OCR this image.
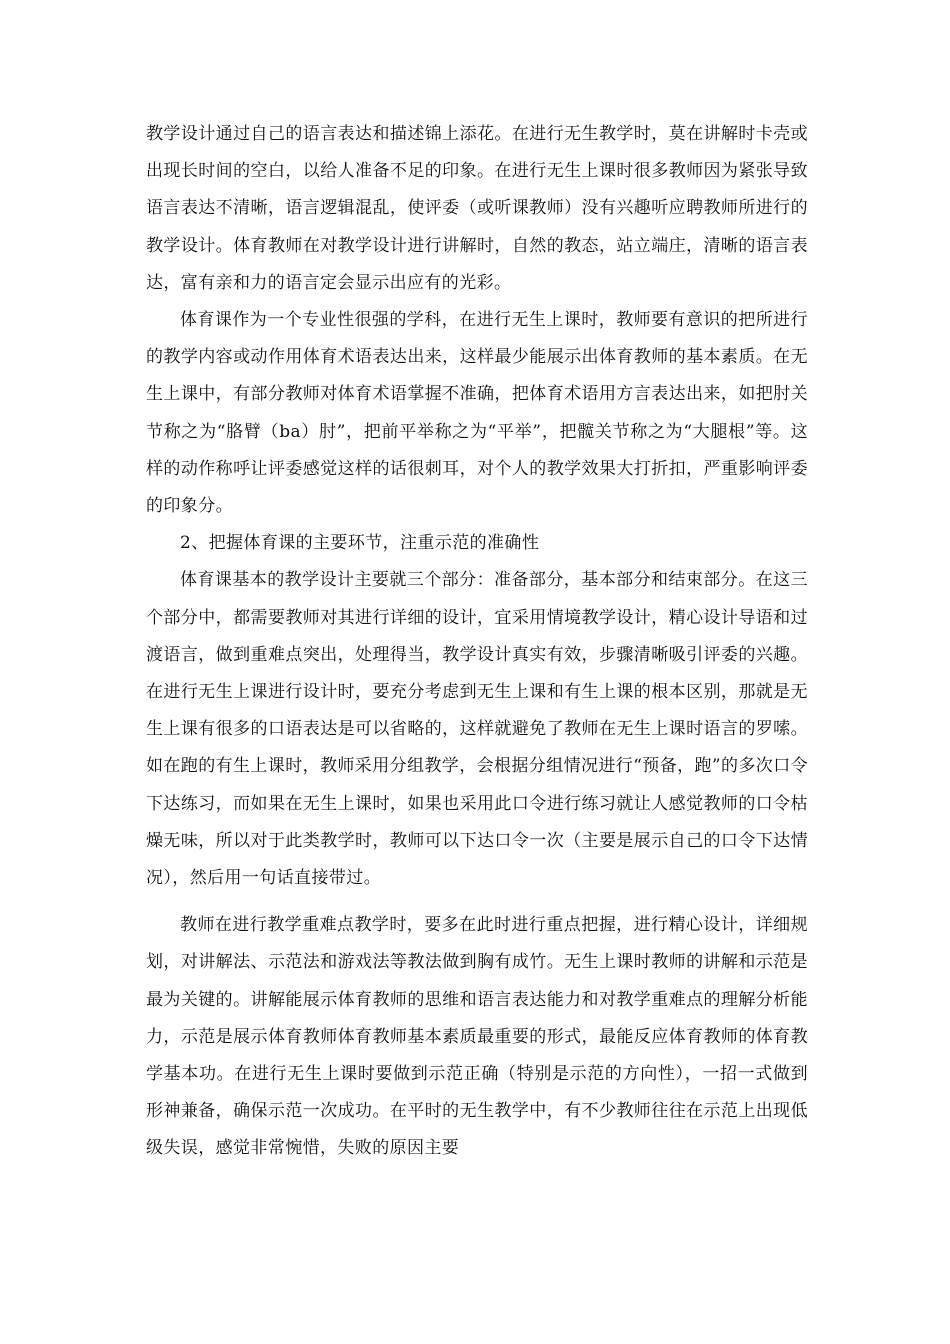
教学设计通过自己的语言表达和描述锦上添花。在进行无生教学时，莫在讲解时卡壳或出现长时间的空白，以给人准备不足的印象。在进行无生上课时很多教师因为紧张导致语言表达不清晰，语言逻辑混乱，使评委（或听课教师）没有兴趣听应聘教师所进行的教学设计。体育教师在对教学设计进行讲解时，自然的教态，站立端庄，清晰的语言表达，富有亲和力的语言定会显示出应有的光彩。

体育课作为一个专业性很强的学科，在进行无生上课时，教师要有意识的把所进行的教学内容或动作用体育术语表达出来，这样最少能展示出体育教师的基本素质。在无生上课中，有部分教师对体育术语掌握不准确，把体育术语用方言表达出来，如把肘关节称之为“胳臂（ba）肘”，把前平举称之为“平举”，把髋关节称之为“大腿根”等。这样的动作称呼让评委感觉这样的话很刺耳，对个人的教学效果大打折扣，严重影响评委的印象分。

2、把握体育课的主要环节，注重示范的准确性

体育课基本的教学设计主要就三个部分：准备部分，基本部分和结束部分。在这三个部分中，都需要教师对其进行详细的设计，宜采用情境教学设计，精心设计导语和过渡语言，做到重难点突出，处理得当，教学设计真实有效，步骤清晰吸引评委的兴趣。在进行无生上课进行设计时，要充分考虑到无生上课和有生上课的根本区别，那就是无生上课有很多的口语表达是可以省略的，这样就避免了教师在无生上课时语言的罗嗦。如在跑的有生上课时，教师采用分组教学，会根据分组情况进行“预备，跑”的多次口令下达练习，而如果在无生上课时，如果也采用此口令进行练习就让人感觉教师的口令枯燥无味，所以对于此类教学时，教师可以下达口令一次（主要是展示自己的口令下达情况），然后用一句话直接带过。

教师在进行教学重难点教学时，要多在此时进行重点把握，进行精心设计，详细规划，对讲解法、示范法和游戏法等教法做到胸有成竹。无生上课时教师的讲解和示范是最为关键的。讲解能展示体育教师的思维和语言表达能力和对教学重难点的理解分析能力，示范是展示体育教师体育教师基本素质最重要的形式，最能反应体育教师的体育教学基本功。在进行无生上课时要做到示范正确（特别是示范的方向性），一招一式做到形神兼备，确保示范一次成功。在平时的无生教学中，有不少教师往往在示范上出现低级失误，感觉非常惋惜，失败的原因主要
